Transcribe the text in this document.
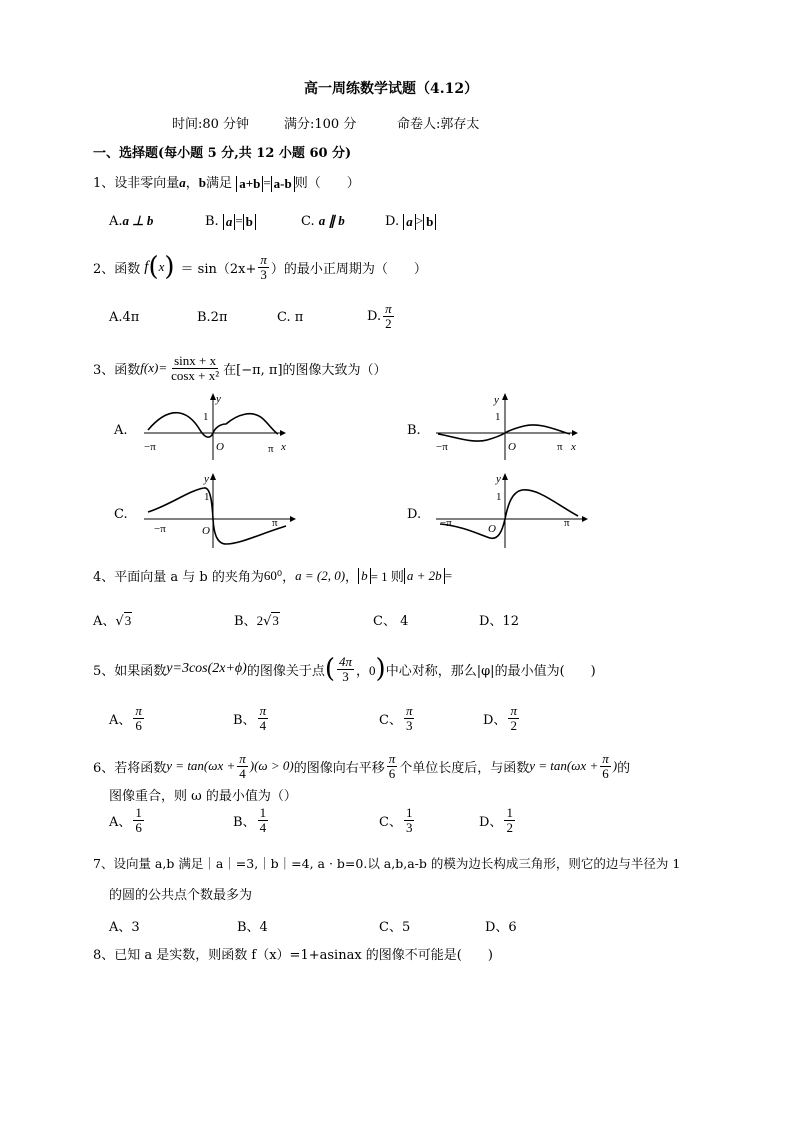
高一周练数学试题（4.12）
时间:80 分钟	满分:100 分	命卷人:郭存太
一、选择题(每小题 5 分,共 12 小题 60 分)
1、设非零向量a，b满足 a+b = a-b 则（　　）
A.a ⊥ b	B. a = b	C. a ∥ b	D. a > b
2、函数 f ( x ) ＝ $\sin(2x+ \frac{\pi}{3}$ ）的最小正周期为（　　）
A.4π	B.2π	C. π	D. $\frac{\pi}{2}$
3、函数 $f(x)= \frac{\sin x + x}{\text{cosx + x²}}$ 在[−π, π]的图像大致为（）
A.
y
1
−π	O	π x
B.
y
1
−π	O	π x
C.
y
1
−π	O
π
D.
y
1
−π	O	π
4、平面向量 a 与 b 的夹角为 60⁰ ， a = (2, 0) ， b = 1 则 a + 2b =
A、√3	B、2√3	C、 4	D、12
5、如果函数 y=3cos(2x+ϕ) 的图像关于点 ( $\frac{4\pi}{3}$ ，0 ) 中心对称，那么|φ|的最小值为(　　)
A、 $\frac{\pi}{6}$	B、 $\frac{\pi}{4}$	C、 $\frac{\pi}{3}$	D、 $\frac{\pi}{2}$
6、若将函数 $y = \tan(\omega x + \frac{\pi}{4} )(\omega > 0)$ 的图像向右平移 $\frac{\pi}{6}$ 个单位长度后，与函数 $y = \tan(\omega x + \frac{\pi}{6}$ ) 的
图像重合，则 ω 的最小值为（）
A、 $\frac{1}{6}$	B、 $\frac{1}{4}$	C、 $\frac{1}{3}$	D、 $\frac{1}{2}$
7、设向量 a,b 满足｜a｜=3,｜b｜=4, a · b=0.以 a,b,a-b 的模为边长构成三角形，则它的边与半径为 1
的圆的公共点个数最多为
A、3	B、4	C、5	D、6
8、已知 a 是实数，则函数 f（x）=1+asinax 的图像不可能是(　　)
